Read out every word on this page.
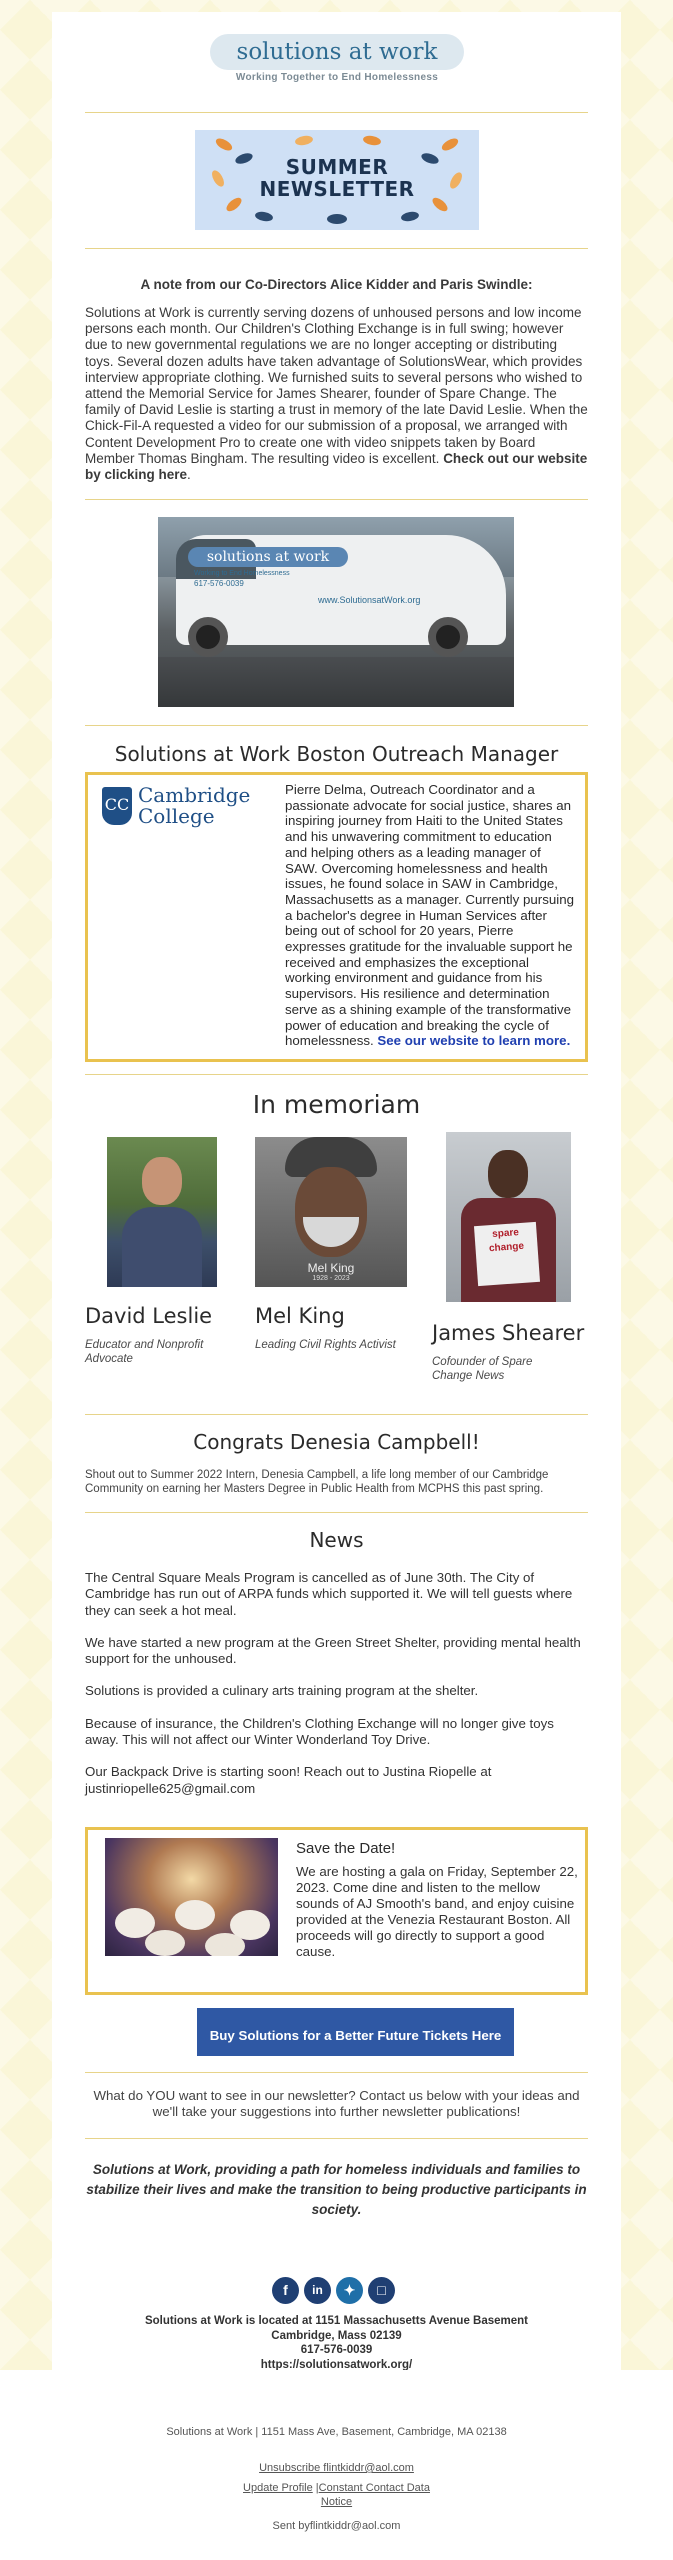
solutions at work
Working Together to End Homelessness
SUMMER
NEWSLETTER
A note from our Co-Directors Alice Kidder and Paris Swindle:
Solutions at Work is currently serving dozens of unhoused persons and low income persons each month. Our Children's Clothing Exchange is in full swing; however due to new governmental regulations we are no longer accepting or distributing toys. Several dozen adults have taken advantage of SolutionsWear, which provides interview appropriate clothing. We furnished suits to several persons who wished to attend the Memorial Service for James Shearer, founder of Spare Change. The family of David Leslie is starting a trust in memory of the late David Leslie. When the Chick-Fil-A requested a video for our submission of a proposal, we arranged with Content Development Pro to create one with video snippets taken by Board Member Thomas Bingham. The resulting video is excellent. Check out our website by clicking here.
solutions at work
Working to End Homelessness
617-576-0039
www.SolutionsatWork.org
Solutions at Work Boston Outreach Manager
CC Cambridge
College
Pierre Delma, Outreach Coordinator and a passionate advocate for social justice, shares an inspiring journey from Haiti to the United States and his unwavering commitment to education and helping others as a leading manager of SAW. Overcoming homelessness and health issues, he found solace in SAW in Cambridge, Massachusetts as a manager. Currently pursuing a bachelor's degree in Human Services after being out of school for 20 years, Pierre expresses gratitude for the invaluable support he received and emphasizes the exceptional working environment and guidance from his supervisors. His resilience and determination serve as a shining example of the transformative power of education and breaking the cycle of homelessness. See our website to learn more.
In memoriam
Mel King
1928 - 2023
spare change
David Leslie
Educator and Nonprofit Advocate
Mel King
Leading Civil Rights Activist	James Shearer
Cofounder of Spare Change News
Congrats Denesia Campbell!
Shout out to Summer 2022 Intern, Denesia Campbell, a life long member of our Cambridge Community on earning her Masters Degree in Public Health from MCPHS this past spring.
News

The Central Square Meals Program is cancelled as of June 30th. The City of Cambridge has run out of ARPA funds which supported it. We will tell guests where they can seek a hot meal.

We have started a new program at the Green Street Shelter, providing mental health support for the unhoused.

Solutions is provided a culinary arts training program at the shelter.

Because of insurance, the Children's Clothing Exchange will no longer give toys away. This will not affect our Winter Wonderland Toy Drive.

Our Backpack Drive is starting soon! Reach out to Justina Riopelle at justinriopelle625@gmail.com

Save the Date!
We are hosting a gala on Friday, September 22, 2023. Come dine and listen to the mellow sounds of AJ Smooth's band, and enjoy cuisine provided at the Venezia Restaurant Boston. All proceeds will go directly to support a good cause.
Buy Solutions for a Better Future Tickets Here
What do YOU want to see in our newsletter? Contact us below with your ideas and we'll take your suggestions into further newsletter publications!
Solutions at Work, providing a path for homeless individuals and families to stabilize their lives and make the transition to being productive participants in society.
f	in	✦	□
Solutions at Work is located at 1151 Massachusetts Avenue Basement
Cambridge, Mass 02139
617-576-0039
https://solutionsatwork.org/
Solutions at Work | 1151 Mass Ave, Basement, Cambridge, MA 02138
Unsubscribe flintkiddr@aol.com
Update Profile |Constant Contact Data
Notice
Sent byflintkiddr@aol.com
